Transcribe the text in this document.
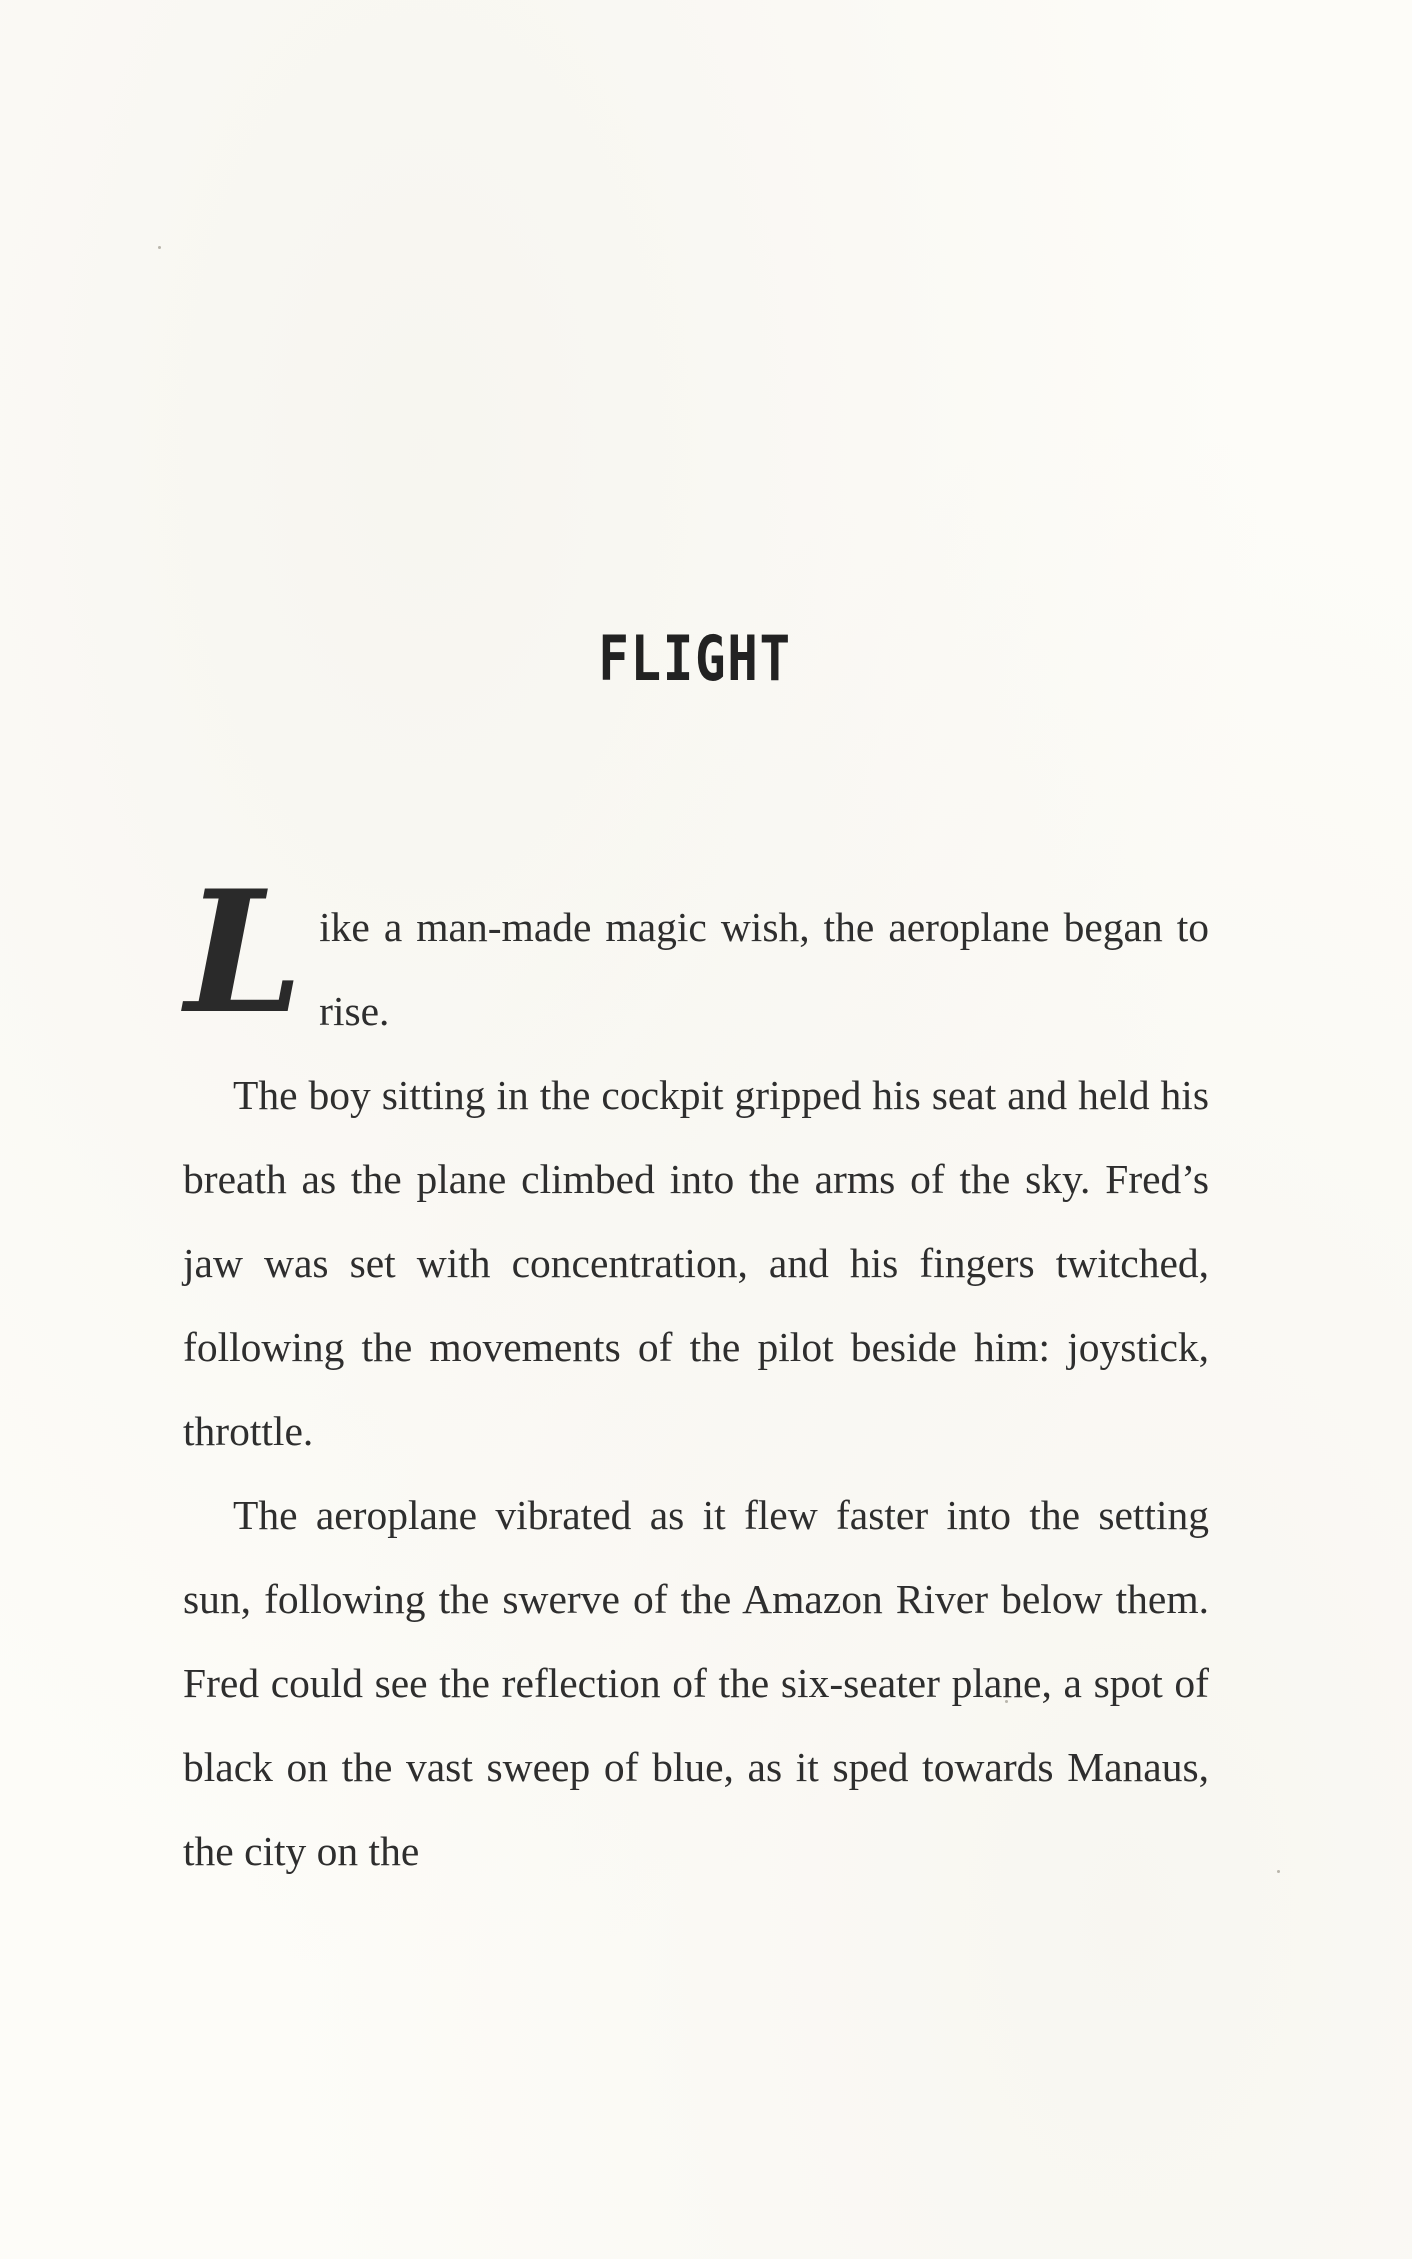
FLIGHT

Like a man-made magic wish, the aeroplane began to rise.

The boy sitting in the cockpit gripped his seat and held his breath as the plane climbed into the arms of the sky. Fred’s jaw was set with concentration, and his fingers twitched, following the movements of the pilot beside him: joystick, throttle.

The aeroplane vibrated as it flew faster into the setting sun, following the swerve of the Amazon River below them. Fred could see the reflection of the six-seater plane, a spot of black on the vast sweep of blue, as it sped towards Manaus, the city on the
